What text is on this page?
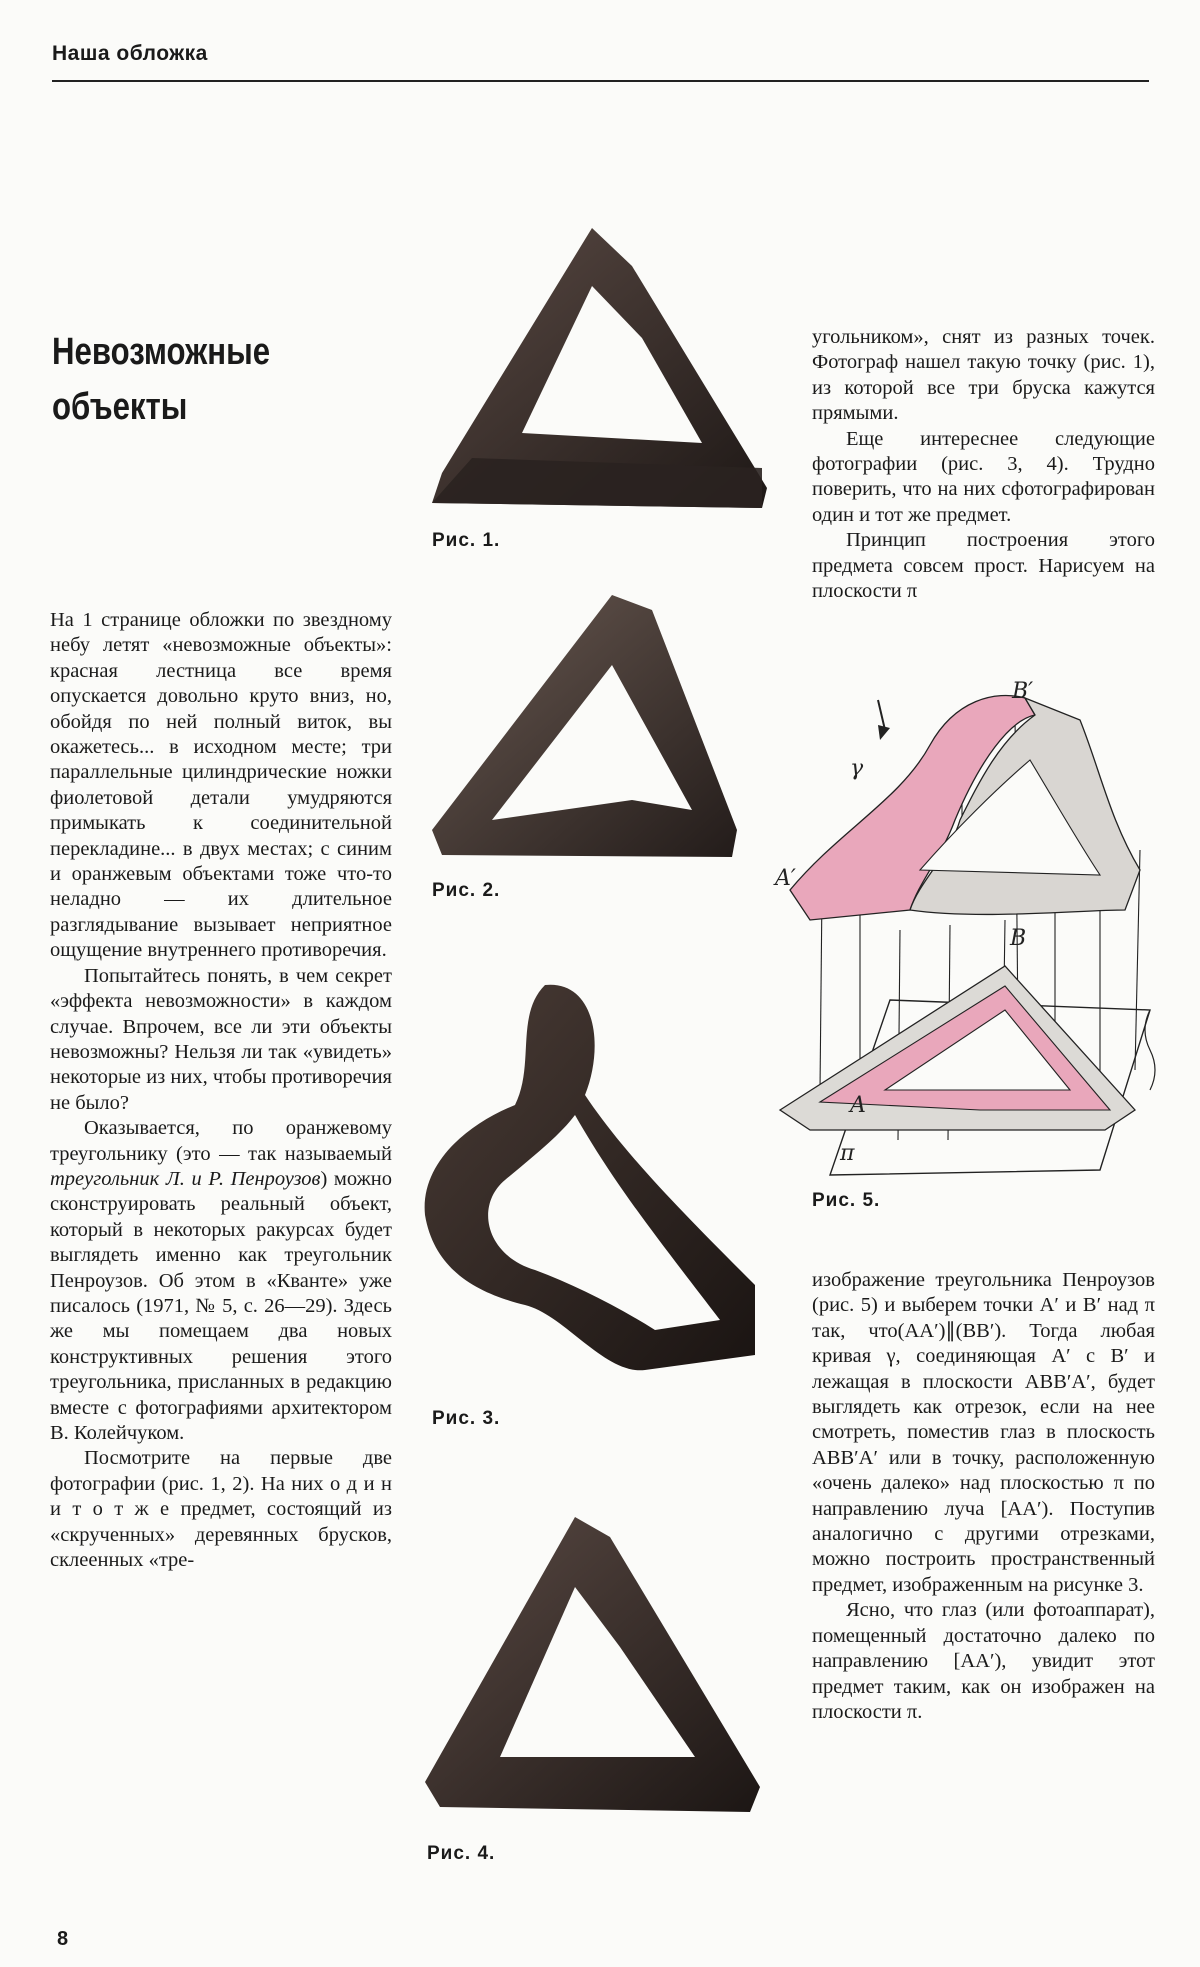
Наша обложка
Невозможные
объекты

На 1 странице обложки по звездному небу летят «невозможные объекты»: красная лестница все время опускается довольно круто вниз, но, обойдя по ней полный виток, вы окажетесь... в исходном месте; три параллельные цилиндрические ножки фиолетовой детали умудряются примыкать к соединительной перекладине... в двух местах; с синим и оранжевым объектами тоже что-то неладно — их длительное разглядывание вызывает неприятное ощущение внутреннего противоречия.

Попытайтесь понять, в чем секрет «эффекта невозможности» в каждом случае. Впрочем, все ли эти объекты невозможны? Нельзя ли так «увидеть» некоторые из них, чтобы противоречия не было?

Оказывается, по оранжевому треугольнику (это — так называемый треугольник Л. и Р. Пенроузов) можно сконструировать реальный объект, который в некоторых ракурсах будет выглядеть именно как треугольник Пенроузов. Об этом в «Кванте» уже писалось (1971, № 5, с. 26—29). Здесь же мы помещаем два новых конструктивных решения этого треугольника, присланных в редакцию вместе с фотографиями архитектором В. Колейчуком.

Посмотрите на первые две фотографии (рис. 1, 2). На них о д и н и т о т ж е предмет, состоящий из «скрученных» деревянных брусков, склеенных «тре-

Рис. 1.
Рис. 2.
Рис. 3.
Рис. 4.

угольником», снят из разных точек. Фотограф нашел такую точку (рис. 1), из которой все три бруска кажутся прямыми.

Еще интереснее следующие фотографии (рис. 3, 4). Трудно поверить, что на них сфотографирован один и тот же предмет.

Принцип построения этого предмета совсем прост. Нарисуем на плоскости π

B′
γ
A′
B
A
π
Рис. 5.

изображение треугольника Пенроузов (рис. 5) и выберем точки A′ и B′ над π так, что(AA′)∥(BB′). Тогда любая кривая γ, соединяющая A′ с B′ и лежащая в плоскости ABB′A′, будет выглядеть как отрезок, если на нее смотреть, поместив глаз в плоскость ABB′A′ или в точку, расположенную «очень далеко» над плоскостью π по направлению луча [AA′). Поступив аналогично с другими отрезками, можно построить пространственный предмет, изображенным на рисунке 3.

Ясно, что глаз (или фотоаппарат), помещенный достаточно далеко по направлению [AA′), увидит этот предмет таким, как он изображен на плоскости π.

8
